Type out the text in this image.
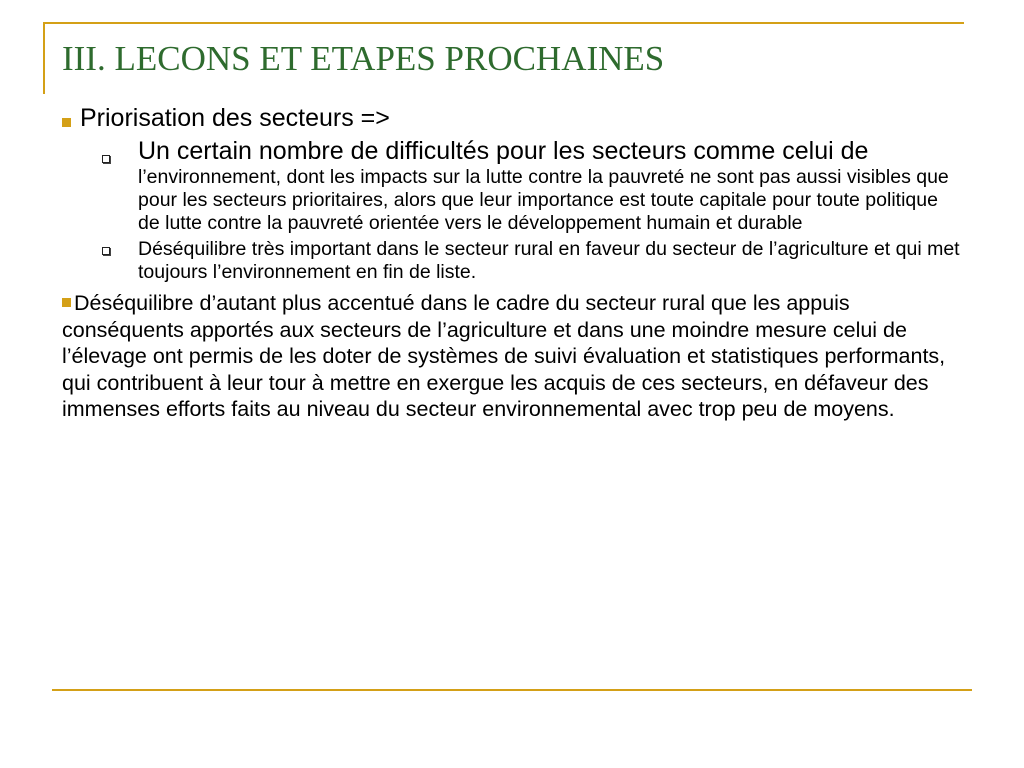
III. LECONS ET ETAPES PROCHAINES

Priorisation des secteurs =>

Un certain nombre de difficultés pour les secteurs comme celui de l’environnement, dont les impacts sur la lutte contre la pauvreté ne sont pas aussi visibles que pour les secteurs prioritaires, alors que leur importance est toute capitale pour toute politique de lutte contre la pauvreté orientée vers le développement humain et durable
Déséquilibre très important dans le secteur rural en faveur du secteur de l’agriculture et qui met toujours l’environnement en fin de liste.

Déséquilibre d’autant plus accentué dans le cadre du secteur rural que les appuis conséquents apportés aux secteurs de l’agriculture et dans une moindre mesure celui de l’élevage ont permis de les doter de systèmes de suivi évaluation et statistiques performants, qui contribuent à leur tour à mettre en exergue les acquis de ces secteurs, en défaveur des immenses efforts faits au niveau du secteur environnemental avec trop peu de moyens.
